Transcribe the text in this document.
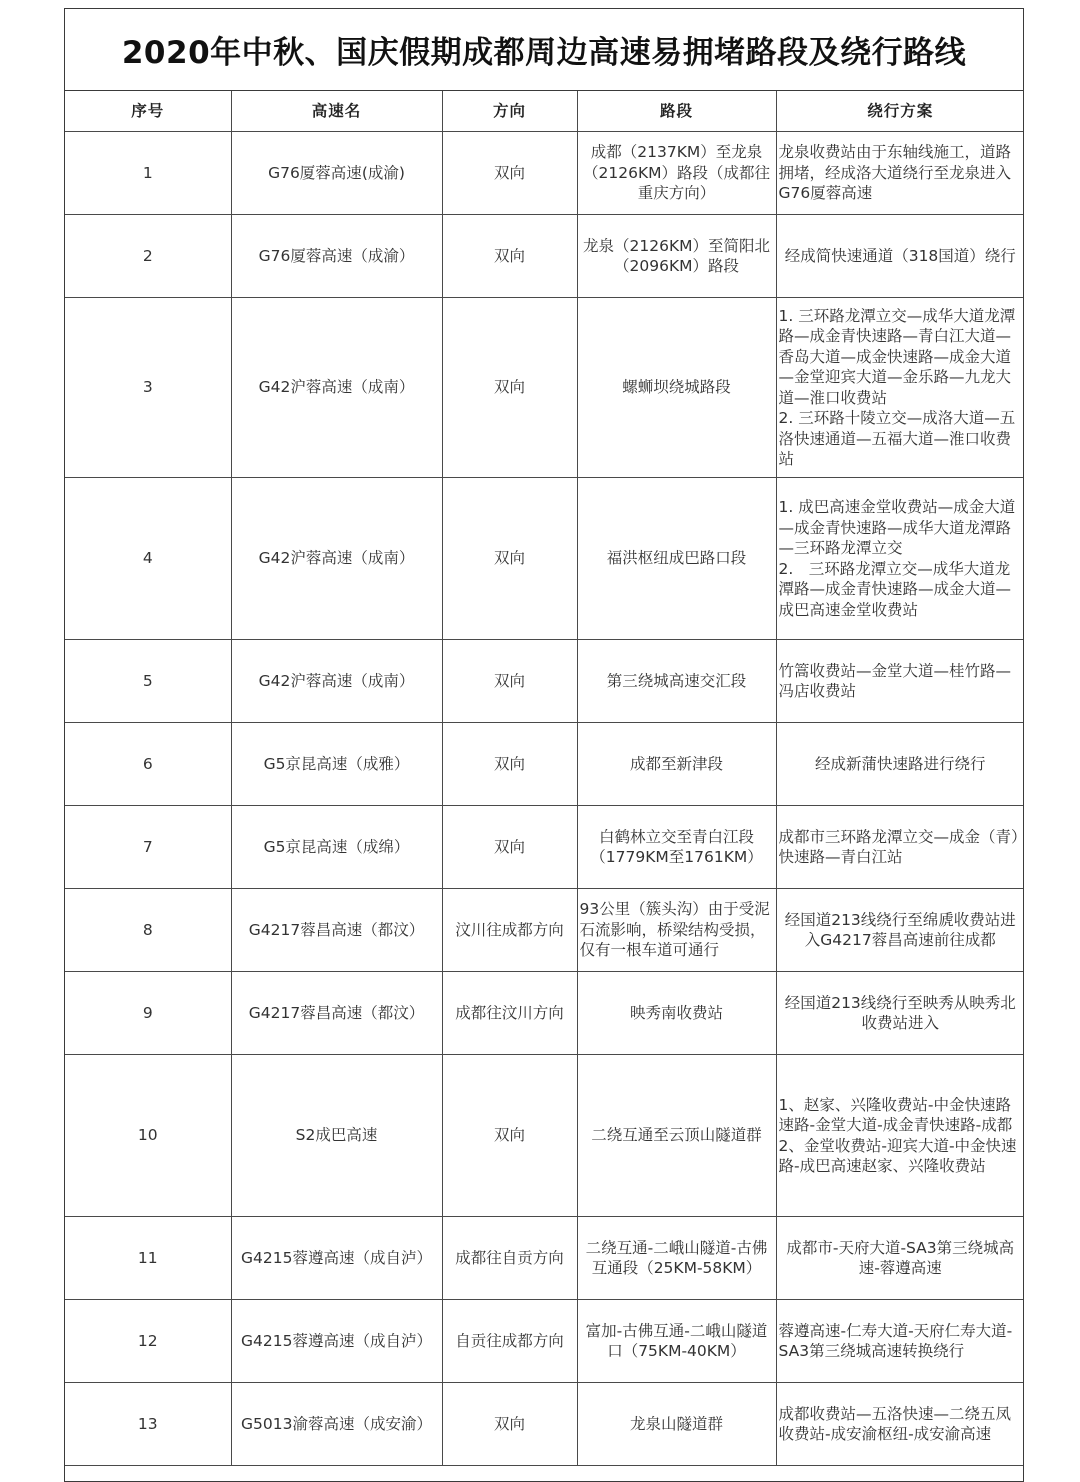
2020年中秋、国庆假期成都周边高速易拥堵路段及绕行路线
序号	高速名	方向	路段	绕行方案
1	G76厦蓉高速(成渝)	双向	成都（2137KM）至龙泉（2126KM）路段（成都往重庆方向）	龙泉收费站由于东轴线施工，道路拥堵，经成洛大道绕行至龙泉进入G76厦蓉高速
2	G76厦蓉高速（成渝）	双向	龙泉（2126KM）至简阳北（2096KM）路段	经成简快速通道（318国道）绕行
3	G42沪蓉高速（成南）	双向	螺蛳坝绕城路段	1. 三环路龙潭立交—成华大道龙潭路—成金青快速路—青白江大道—香岛大道—成金快速路—成金大道—金堂迎宾大道—金乐路—九龙大道—淮口收费站
2. 三环路十陵立交—成洛大道—五洛快速通道—五福大道—淮口收费站
4	G42沪蓉高速（成南）	双向	福洪枢纽成巴路口段	1. 成巴高速金堂收费站—成金大道—成金青快速路—成华大道龙潭路—三环路龙潭立交
2.　三环路龙潭立交—成华大道龙潭路—成金青快速路—成金大道—成巴高速金堂收费站
5	G42沪蓉高速（成南）	双向	第三绕城高速交汇段	竹篙收费站—金堂大道—桂竹路—冯店收费站
6	G5京昆高速（成雅）	双向	成都至新津段	经成新蒲快速路进行绕行
7	G5京昆高速（成绵）	双向	白鹤林立交至青白江段（1779KM至1761KM）	成都市三环路龙潭立交—成金（青）快速路—青白江站
8	G4217蓉昌高速（都汶）	汶川往成都方向	93公里（簇头沟）由于受泥石流影响，桥梁结构受损，仅有一根车道可通行	经国道213线绕行至绵虒收费站进入G4217蓉昌高速前往成都
9	G4217蓉昌高速（都汶）	成都往汶川方向	映秀南收费站	经国道213线绕行至映秀从映秀北收费站进入
10	S2成巴高速	双向	二绕互通至云顶山隧道群	1、赵家、兴隆收费站-中金快速路速路-金堂大道-成金青快速路-成都
2、金堂收费站-迎宾大道-中金快速路-成巴高速赵家、兴隆收费站
11	G4215蓉遵高速（成自泸）	成都往自贡方向	二绕互通-二峨山隧道-古佛互通段（25KM-58KM）	成都市-天府大道-SA3第三绕城高速-蓉遵高速
12	G4215蓉遵高速（成自泸）	自贡往成都方向	富加-古佛互通-二峨山隧道口（75KM-40KM）	蓉遵高速-仁寿大道-天府仁寿大道-SA3第三绕城高速转换绕行
13	G5013渝蓉高速（成安渝）	双向	龙泉山隧道群	成都收费站—五洛快速—二绕五凤收费站-成安渝枢纽-成安渝高速
